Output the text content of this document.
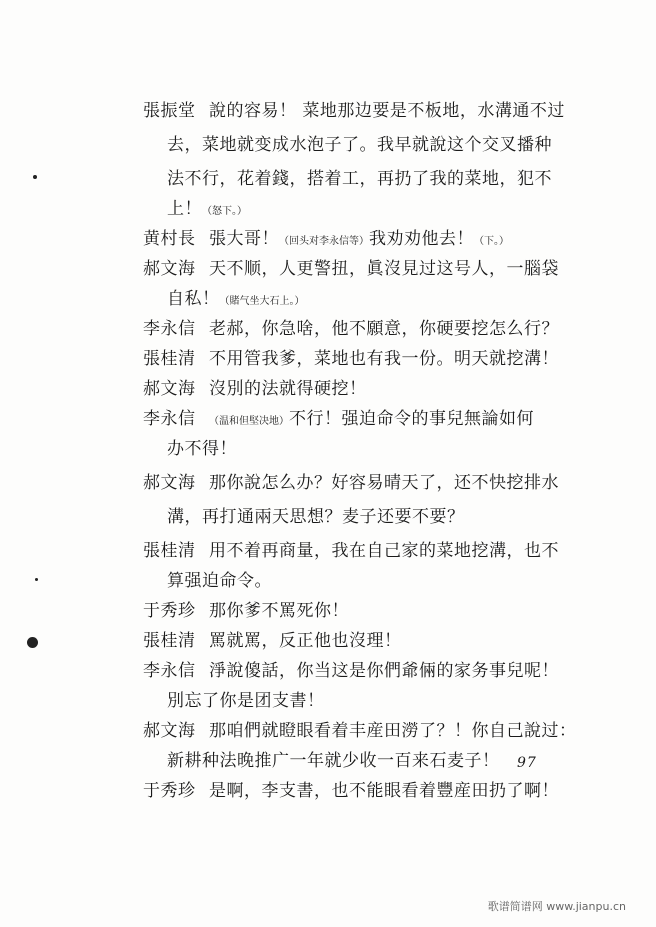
張振堂 說的容易！ 菜地那边要是不板地，水溝通不过
去，菜地就变成水泡子了。我早就說这个交叉播种
法不行，花着錢，搭着工，再扔了我的菜地，犯不
上！（怒下。）
黄村長 張大哥！（回头对李永信等）我劝劝他去！（下。）
郝文海 天不顺，人更警扭，眞沒見过这号人，一腦袋
自私！（賭气坐大石上。）
李永信 老郝，你急啥，他不願意，你硬要挖怎么行？
張桂清 不用管我爹，菜地也有我一份。明天就挖溝！
郝文海 沒別的法就得硬挖！
李永信 （温和但堅决地）不行！强迫命令的事兒無論如何
办不得！
郝文海 那你說怎么办？好容易晴天了，还不快挖排水
溝，再打通兩天思想？麦子还要不要？
張桂清 用不着再商量，我在自己家的菜地挖溝，也不
算强迫命令。
于秀珍 那你爹不罵死你！
張桂清 罵就罵，反正他也沒理！
李永信 淨說傻話，你当这是你們爺倆的家务事兒呢！
別忘了你是团支書！
郝文海 那咱們就瞪眼看着丰産田澇了？！你自己說过：
新耕种法晚推广一年就少收一百来石麦子！
于秀珍 是啊，李支書，也不能眼看着豐産田扔了啊！
97
歌谱简谱网 www.jianpu.cn
